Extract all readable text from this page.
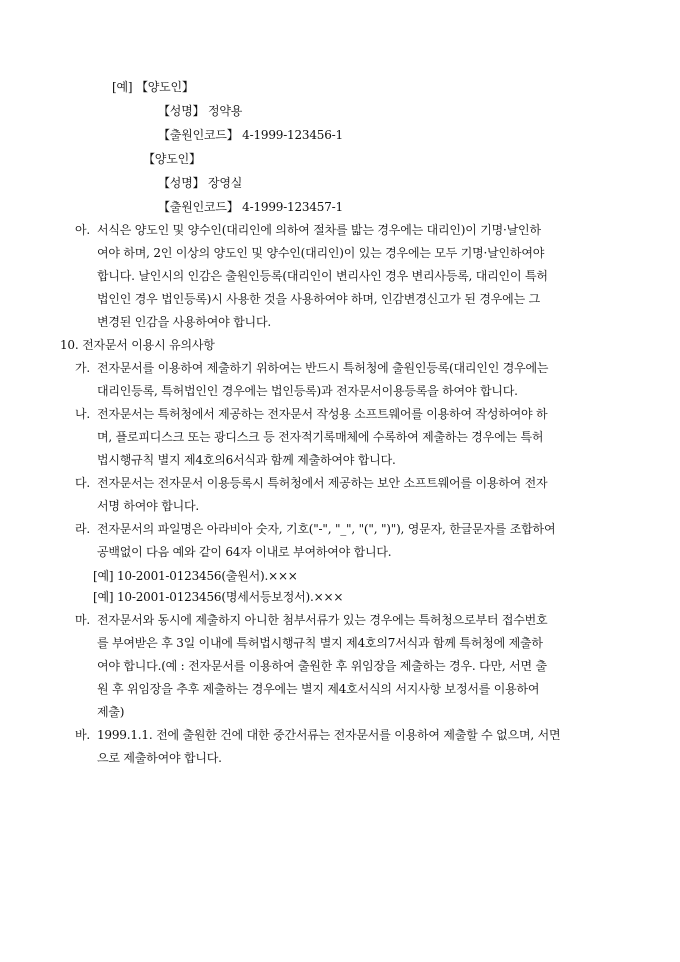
[예] 【양도인】
【성명】 정약용
【출원인코드】 4-1999-123456-1
【양도인】
【성명】 장영실
【출원인코드】 4-1999-123457-1
아. 서식은 양도인 및 양수인(대리인에 의하여 절차를 밟는 경우에는 대리인)이 기명·날인하
여야 하며, 2인 이상의 양도인 및 양수인(대리인)이 있는 경우에는 모두 기명·날인하여야
합니다. 날인시의 인감은 출원인등록(대리인이 변리사인 경우 변리사등록, 대리인이 특허
법인인 경우 법인등록)시 사용한 것을 사용하여야 하며, 인감변경신고가 된 경우에는 그
변경된 인감을 사용하여야 합니다.
10. 전자문서 이용시 유의사항
가. 전자문서를 이용하여 제출하기 위하여는 반드시 특허청에 출원인등록(대리인인 경우에는
대리인등록, 특허법인인 경우에는 법인등록)과 전자문서이용등록을 하여야 합니다.
나. 전자문서는 특허청에서 제공하는 전자문서 작성용 소프트웨어를 이용하여 작성하여야 하
며, 플로피디스크 또는 광디스크 등 전자적기록매체에 수록하여 제출하는 경우에는 특허
법시행규칙 별지 제4호의6서식과 함께 제출하여야 합니다.
다. 전자문서는 전자문서 이용등록시 특허청에서 제공하는 보안 소프트웨어를 이용하여 전자
서명 하여야 합니다.
라. 전자문서의 파일명은 아라비아 숫자, 기호("-", "_", "(", ")"), 영문자, 한글문자를 조합하여
공백없이 다음 예와 같이 64자 이내로 부여하여야 합니다.
[예] 10-2001-0123456(출원서).×××
[예] 10-2001-0123456(명세서등보정서).×××
마. 전자문서와 동시에 제출하지 아니한 첨부서류가 있는 경우에는 특허청으로부터 접수번호
를 부여받은 후 3일 이내에 특허법시행규칙 별지 제4호의7서식과 함께 특허청에 제출하
여야 합니다.(예 : 전자문서를 이용하여 출원한 후 위임장을 제출하는 경우. 다만, 서면 출
원 후 위임장을 추후 제출하는 경우에는 별지 제4호서식의 서지사항 보정서를 이용하여
제출)
바. 1999.1.1. 전에 출원한 건에 대한 중간서류는 전자문서를 이용하여 제출할 수 없으며, 서면
으로 제출하여야 합니다.
